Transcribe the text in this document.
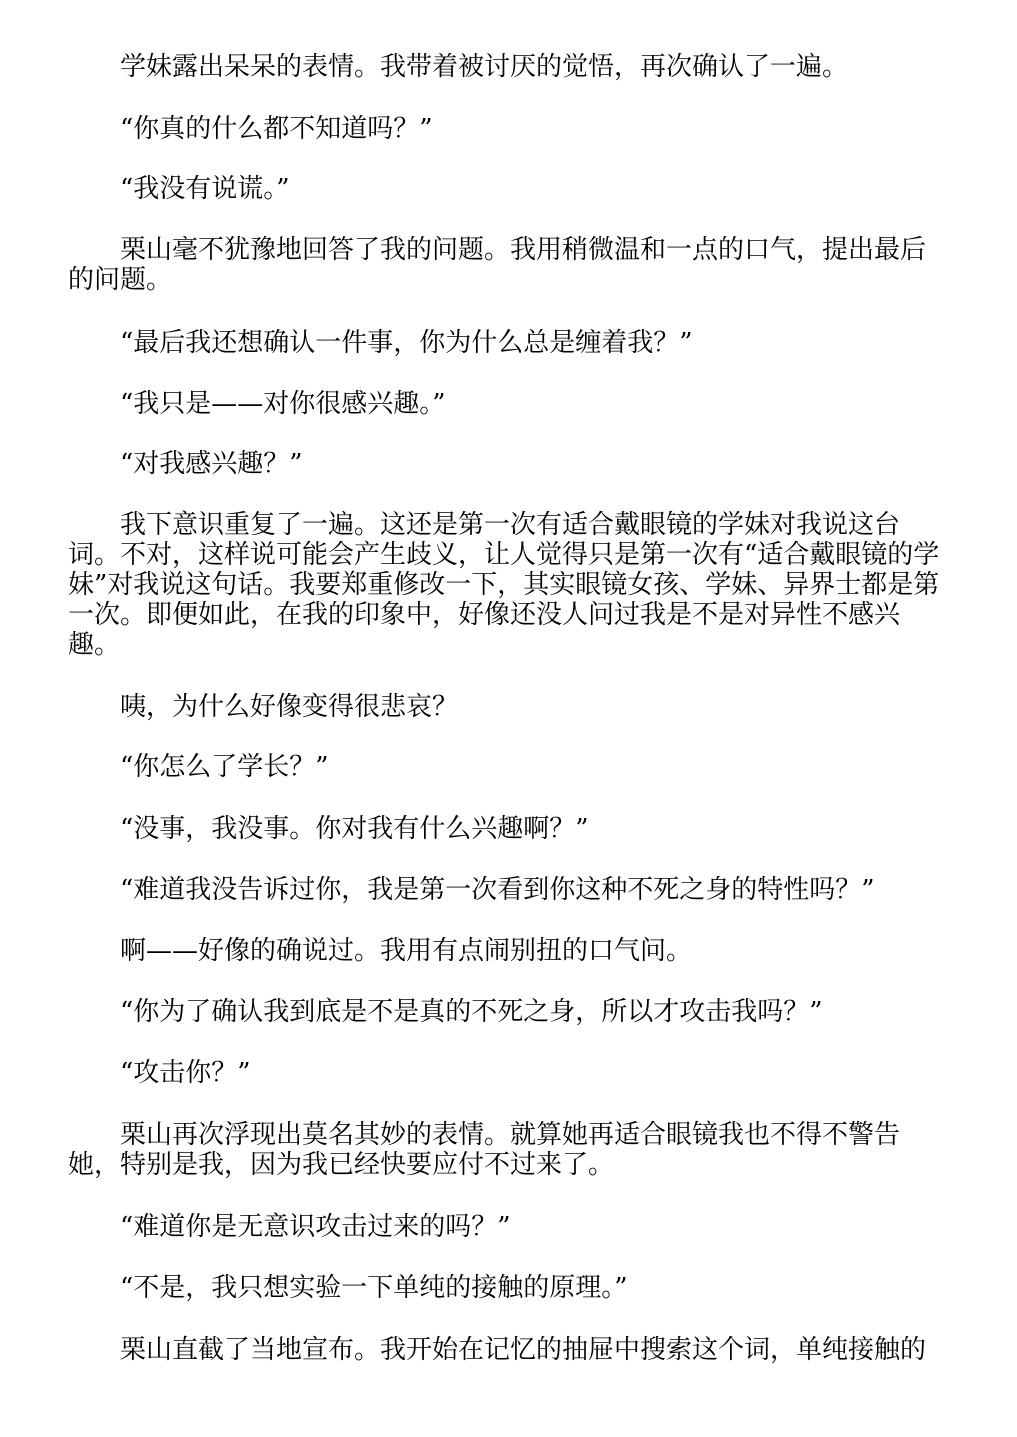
学妹露出呆呆的表情。我带着被讨厌的觉悟，再次确认了一遍。

“你真的什么都不知道吗？”

“我没有说谎。”

栗山毫不犹豫地回答了我的问题。我用稍微温和一点的口气，提出最后的问题。

“最后我还想确认一件事，你为什么总是缠着我？”

“我只是——对你很感兴趣。”

“对我感兴趣？”

我下意识重复了一遍。这还是第一次有适合戴眼镜的学妹对我说这台词。不对，这样说可能会产生歧义，让人觉得只是第一次有“适合戴眼镜的学妹”对我说这句话。我要郑重修改一下，其实眼镜女孩、学妹、异界士都是第一次。即便如此，在我的印象中，好像还没人问过我是不是对异性不感兴趣。

咦，为什么好像变得很悲哀？

“你怎么了学长？”

“没事，我没事。你对我有什么兴趣啊？”

“难道我没告诉过你，我是第一次看到你这种不死之身的特性吗？”

啊——好像的确说过。我用有点闹别扭的口气问。

“你为了确认我到底是不是真的不死之身，所以才攻击我吗？”

“攻击你？”

栗山再次浮现出莫名其妙的表情。就算她再适合眼镜我也不得不警告她，特别是我，因为我已经快要应付不过来了。

“难道你是无意识攻击过来的吗？”

“不是，我只想实验一下单纯的接触的原理。”

栗山直截了当地宣布。我开始在记忆的抽屉中搜索这个词，单纯接触的
